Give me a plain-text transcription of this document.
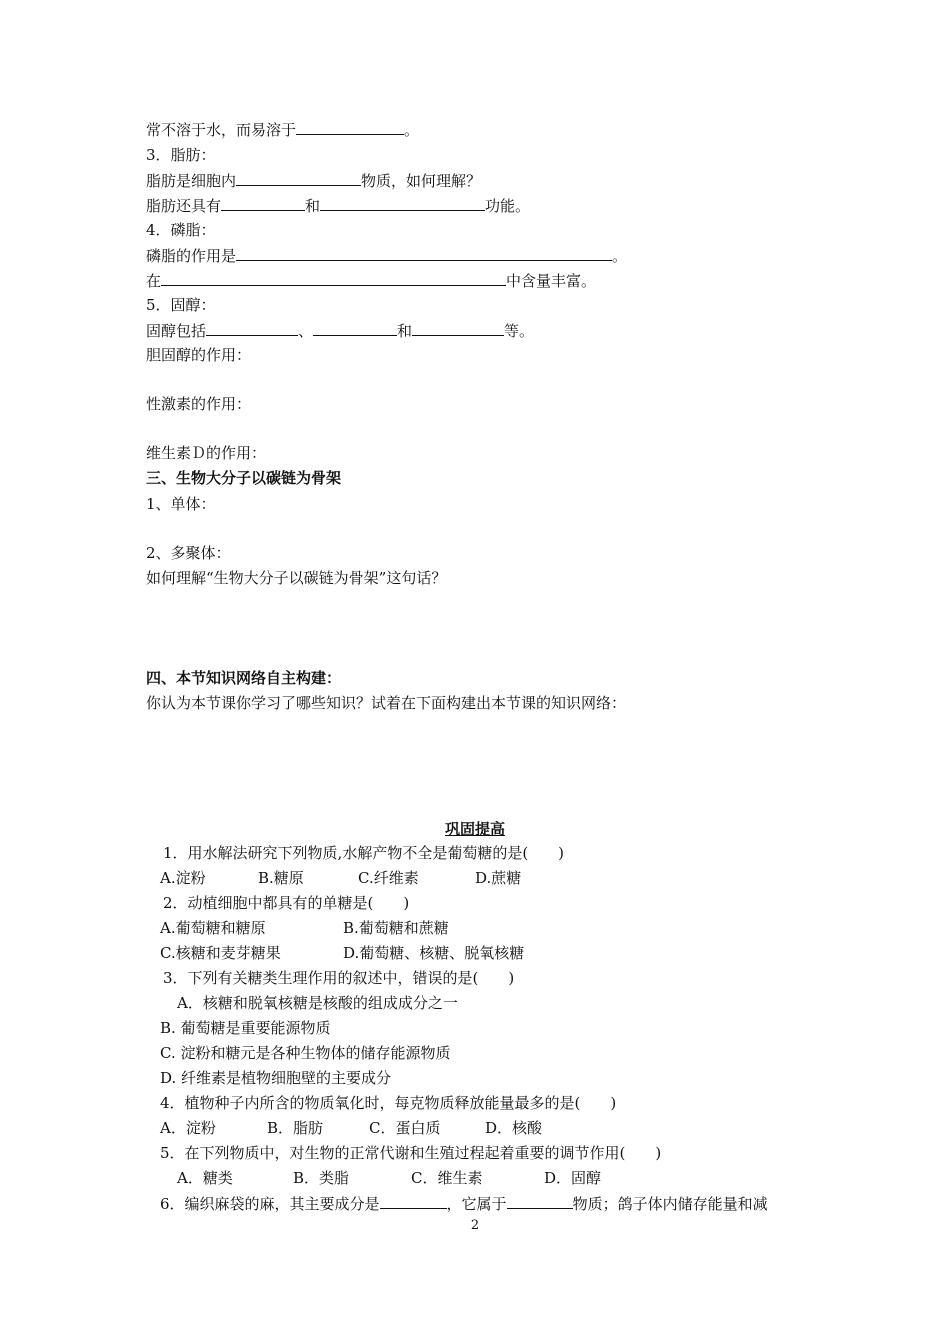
常不溶于水，而易溶于	。
3．脂肪：
脂肪是细胞内	物质，如何理解？
脂肪还具有	和	功能。
4．磷脂：
磷脂的作用是	。
在	中含量丰富。
5．固醇：
固醇包括	、	和	等。
胆固醇的作用：
性激素的作用：
维生素Ｄ的作用：
三、生物大分子以碳链为骨架
1、单体：
2、多聚体：
如何理解“生物大分子以碳链为骨架”这句话？
四、本节知识网络自主构建：
你认为本节课你学习了哪些知识？试着在下面构建出本节课的知识网络：
巩固提高
1．用水解法研究下列物质,水解产物不全是葡萄糖的是(　　)
A.淀粉	B.糖原	C.纤维素	D.蔗糖
2．动植细胞中都具有的单糖是(　　)
A.葡萄糖和糖原	B.葡萄糖和蔗糖
C.核糖和麦芽糖果	D.葡萄糖、核糖、脱氧核糖
3．下列有关糖类生理作用的叙述中，错误的是(　　)
A．核糖和脱氧核糖是核酸的组成成分之一
B. 葡萄糖是重要能源物质
C. 淀粉和糖元是各种生物体的储存能源物质
D. 纤维素是植物细胞壁的主要成分
4．植物种子内所含的物质氧化时，每克物质释放能量最多的是(　　)
A．淀粉	B．脂肪	C．蛋白质	D．核酸
5．在下列物质中，对生物的正常代谢和生殖过程起着重要的调节作用(　　)
A．糖类	B．类脂	C．维生素	D．固醇
6．编织麻袋的麻，其主要成分是	，它属于	物质；鸽子体内储存能量和减
2
